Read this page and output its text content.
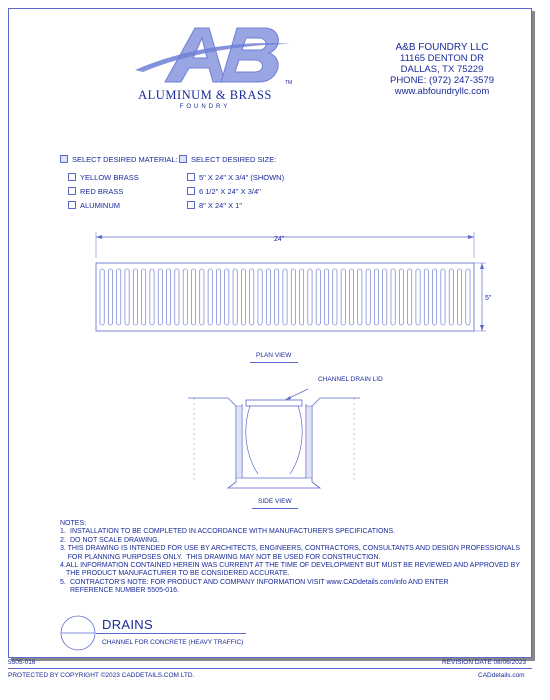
TM
ALUMINUM & BRASS
FOUNDRY
A&B FOUNDRY LLC
11165 DENTON DR
DALLAS, TX 75229
PHONE: (972) 247-3579
www.abfoundryllc.com
SELECT DESIRED MATERIAL:
YELLOW BRASS
RED BRASS
ALUMINUM
SELECT DESIRED SIZE:
5" X 24" X 3/4" (SHOWN)
6 1/2" X 24" X 3/4"
8" X 24" X 1"
24"
5"
PLAN VIEW
CHANNEL DRAIN LID
SIDE VIEW
NOTES:
1. INSTALLATION TO BE COMPLETED IN ACCORDANCE WITH MANUFACTURER'S SPECIFICATIONS.
2. DO NOT SCALE DRAWING.
3. THIS DRAWING IS INTENDED FOR USE BY ARCHITECTS, ENGINEERS, CONTRACTORS, CONSULTANTS AND DESIGN PROFESSIONALS
FOR PLANNING PURPOSES ONLY.  THIS DRAWING MAY NOT BE USED FOR CONSTRUCTION.
4. ALL INFORMATION CONTAINED HEREIN WAS CURRENT AT THE TIME OF DEVELOPMENT BUT MUST BE REVIEWED AND APPROVED BY
THE PRODUCT MANUFACTURER TO BE CONSIDERED ACCURATE.
5. CONTRACTOR'S NOTE: FOR PRODUCT AND COMPANY INFORMATION VISIT www.CADdetails.com/info AND ENTER
REFERENCE NUMBER 5505-016.
DRAINS
CHANNEL FOR CONCRETE (HEAVY TRAFFIC)
5505-016	REVISION DATE 08/06/2023
PROTECTED BY COPYRIGHT ©2023 CADDETAILS.COM LTD.	CADdetails.com
